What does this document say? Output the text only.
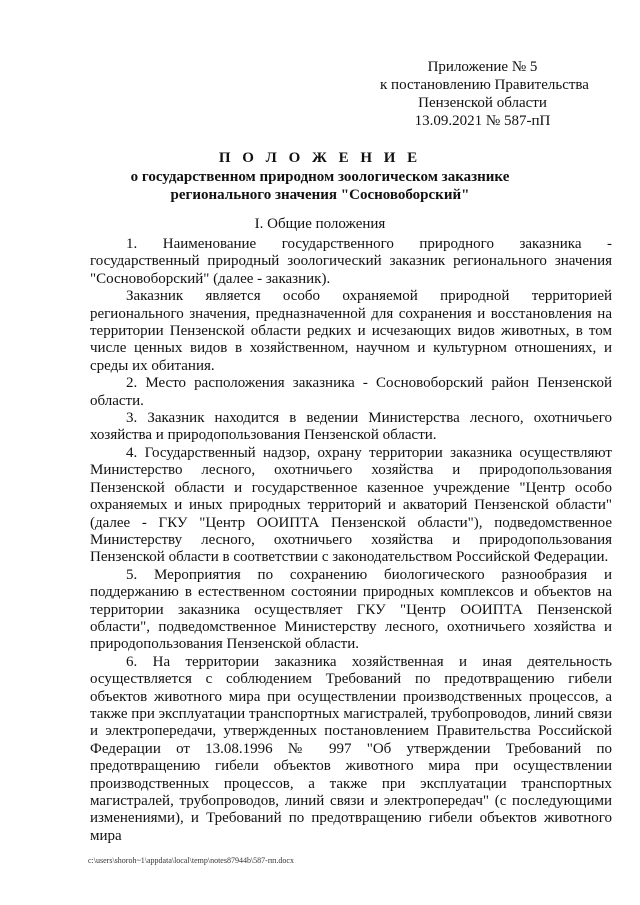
Приложение № 5
к постановлению Правительства
Пензенской области
13.09.2021 № 587-пП
П О Л О Ж Е Н И Е
о государственном природном зоологическом заказнике
регионального значения "Сосновоборский"
I. Общие положения

1. Наименование государственного природного заказника - государственный природный зоологический заказник регионального значения "Сосновоборский" (далее - заказник).

Заказник является особо охраняемой природной территорией регионального значения, предназначенной для сохранения и восстановления на территории Пензенской области редких и исчезающих видов животных, в том числе ценных видов в хозяйственном, научном и культурном отношениях, и среды их обитания.

2. Место расположения заказника - Сосновоборский район Пензенской области.

3. Заказник находится в ведении Министерства лесного, охотничьего хозяйства и природопользования Пензенской области.

4. Государственный надзор, охрану территории заказника осуществляют Министерство лесного, охотничьего хозяйства и природопользования Пензенской области и государственное казенное учреждение "Центр особо охраняемых и иных природных территорий и акваторий Пензенской области" (далее - ГКУ "Центр ООИПТА Пензенской области"), подведомственное Министерству лесного, охотничьего хозяйства и природопользования Пензенской области в соответствии с законодательством Российской Федерации.

5. Мероприятия по сохранению биологического разнообразия и поддержанию в естественном состоянии природных комплексов и объектов на территории заказника осуществляет ГКУ "Центр ООИПТА Пензенской области", подведомственное Министерству лесного, охотничьего хозяйства и природопользования Пензенской области.

6. На территории заказника хозяйственная и иная деятельность осуществляется с соблюдением Требований по предотвращению гибели объектов животного мира при осуществлении производственных процессов, а также при эксплуатации транспортных магистралей, трубопроводов, линий связи и электропередачи, утвержденных постановлением Правительства Российской Федерации от 13.08.1996 № 997 "Об утверждении Требований по предотвращению гибели объектов животного мира при осуществлении производственных процессов, а также при эксплуатации транспортных магистралей, трубопроводов, линий связи и электропередач" (с последующими изменениями), и Требований по предотвращению гибели объектов животного мира

c:\users\shoroh~1\appdata\local\temp\notes87944b\587-пп.docx
